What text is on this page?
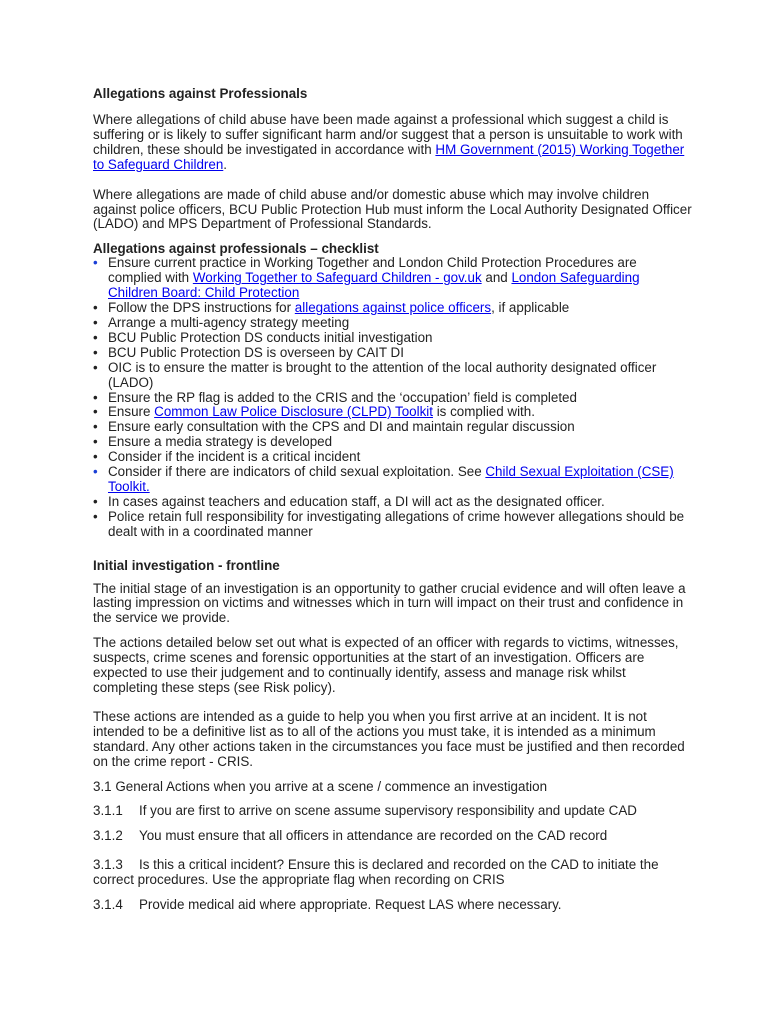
Allegations against Professionals

Where allegations of child abuse have been made against a professional which suggest a child is suffering or is likely to suffer significant harm and/or suggest that a person is unsuitable to work with children, these should be investigated in accordance with HM Government (2015) Working Together to Safeguard Children.

Where allegations are made of child abuse and/or domestic abuse which may involve children against police officers, BCU Public Protection Hub must inform the Local Authority Designated Officer (LADO) and MPS Department of Professional Standards.

Allegations against professionals – checklist
• Ensure current practice in Working Together and London Child Protection Procedures are complied with Working Together to Safeguard Children - gov.uk and London Safeguarding Children Board: Child Protection
• Follow the DPS instructions for allegations against police officers, if applicable
• Arrange a multi-agency strategy meeting
• BCU Public Protection DS conducts initial investigation
• BCU Public Protection DS is overseen by CAIT DI
• OIC is to ensure the matter is brought to the attention of the local authority designated officer (LADO)
• Ensure the RP flag is added to the CRIS and the ‘occupation’ field is completed
• Ensure Common Law Police Disclosure (CLPD) Toolkit is complied with.
• Ensure early consultation with the CPS and DI and maintain regular discussion
• Ensure a media strategy is developed
• Consider if the incident is a critical incident
• Consider if there are indicators of child sexual exploitation. See Child Sexual Exploitation (CSE) Toolkit.
• In cases against teachers and education staff, a DI will act as the designated officer.
• Police retain full responsibility for investigating allegations of crime however allegations should be dealt with in a coordinated manner
Initial investigation - frontline

The initial stage of an investigation is an opportunity to gather crucial evidence and will often leave a lasting impression on victims and witnesses which in turn will impact on their trust and confidence in the service we provide.

The actions detailed below set out what is expected of an officer with regards to victims, witnesses, suspects, crime scenes and forensic opportunities at the start of an investigation. Officers are expected to use their judgement and to continually identify, assess and manage risk whilst completing these steps (see Risk policy).

These actions are intended as a guide to help you when you first arrive at an incident. It is not intended to be a definitive list as to all of the actions you must take, it is intended as a minimum standard. Any other actions taken in the circumstances you face must be justified and then recorded on the crime report - CRIS.

3.1 General Actions when you arrive at a scene / commence an investigation

3.1.1	If you are first to arrive on scene assume supervisory responsibility and update CAD
3.1.2	You must ensure that all officers in attendance are recorded on the CAD record

3.1.3 Is this a critical incident? Ensure this is declared and recorded on the CAD to initiate the correct procedures. Use the appropriate flag when recording on CRIS

3.1.4	Provide medical aid where appropriate. Request LAS where necessary.
